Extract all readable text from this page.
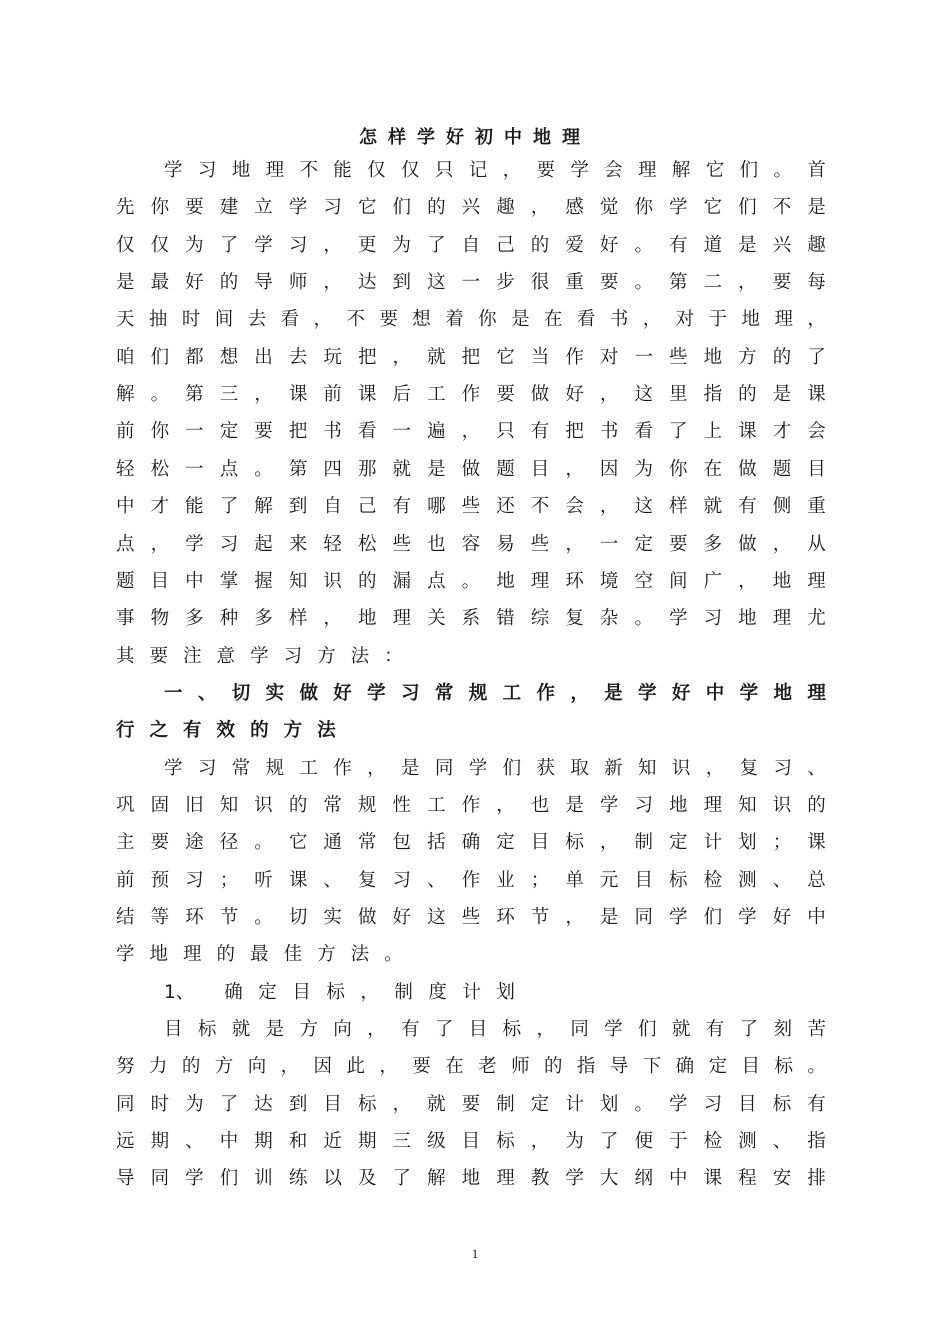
怎样学好初中地理
学 习 地 理 不 能 仅 仅 只 记 ， 要 学 会 理 解 它 们 。 首
先 你 要 建 立 学 习 它 们 的 兴 趣 ， 感 觉 你 学 它 们 不 是
仅 仅 为 了 学 习 ， 更 为 了 自 己 的 爱 好 。 有 道 是 兴 趣
是 最 好 的 导 师 ， 达 到 这 一 步 很 重 要 。 第 二 ， 要 每
天 抽 时 间 去 看 ， 不 要 想 着 你 是 在 看 书 ， 对 于 地 理 ，
咱 们 都 想 出 去 玩 把 ， 就 把 它 当 作 对 一 些 地 方 的 了
解 。 第 三 ， 课 前 课 后 工 作 要 做 好 ， 这 里 指 的 是 课
前 你 一 定 要 把 书 看 一 遍 ， 只 有 把 书 看 了 上 课 才 会
轻 松 一 点 。 第 四 那 就 是 做 题 目 ， 因 为 你 在 做 题 目
中 才 能 了 解 到 自 己 有 哪 些 还 不 会 ， 这 样 就 有 侧 重
点 ， 学 习 起 来 轻 松 些 也 容 易 些 ， 一 定 要 多 做 ， 从
题 目 中 掌 握 知 识 的 漏 点 。 地 理 环 境 空 间 广 ， 地 理
事 物 多 种 多 样 ， 地 理 关 系 错 综 复 杂 。 学 习 地 理 尤
其 要 注 意 学 习 方 法 ：
一 、 切 实 做 好 学 习 常 规 工 作 ， 是 学 好 中 学 地 理
行 之 有 效 的 方 法
学 习 常 规 工 作 ， 是 同 学 们 获 取 新 知 识 ， 复 习 、
巩 固 旧 知 识 的 常 规 性 工 作 ， 也 是 学 习 地 理 知 识 的
主 要 途 径 。 它 通 常 包 括 确 定 目 标 ， 制 定 计 划 ； 课
前 预 习 ； 听 课 、 复 习 、 作 业 ； 单 元 目 标 检 测 、 总
结 等 环 节 。 切 实 做 好 这 些 环 节 ， 是 同 学 们 学 好 中
学 地 理 的 最 佳 方 法 。
1、 确 定 目 标 ， 制 度 计 划
目 标 就 是 方 向 ， 有 了 目 标 ， 同 学 们 就 有 了 刻 苦
努 力 的 方 向 ， 因 此 ， 要 在 老 师 的 指 导 下 确 定 目 标 。
同 时 为 了 达 到 目 标 ， 就 要 制 定 计 划 。 学 习 目 标 有
远 期 、 中 期 和 近 期 三 级 目 标 ， 为 了 便 于 检 测 、 指
导 同 学 们 训 练 以 及 了 解 地 理 教 学 大 纲 中 课 程 安 排
1
